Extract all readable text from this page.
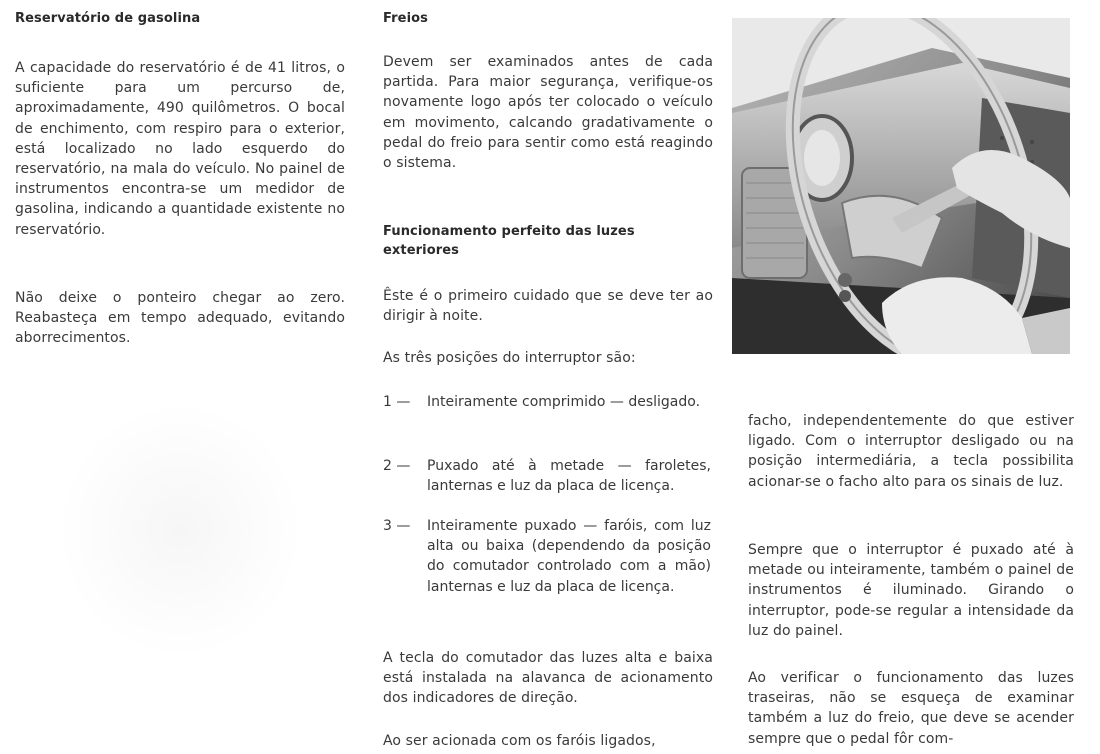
Reservatório de gasolina

A capacidade do reservatório é de 41 litros, o suficiente para um percurso de, aproximadamente, 490 quilômetros. O bocal de enchimento, com respiro para o exterior, está localizado no lado esquerdo do reservatório, na mala do veículo. No painel de instrumentos encontra-se um medidor de gasolina, indicando a quantidade existente no reservatório.

Não deixe o ponteiro chegar ao zero. Reabasteça em tempo adequado, evitando aborrecimentos.

Freios

Devem ser examinados antes de cada partida. Para maior segurança, verifique-os novamente logo após ter colocado o veículo em movimento, calcando gradativamente o pedal do freio para sentir como está reagindo o sistema.

Funcionamento perfeito das luzes exteriores

Êste é o primeiro cuidado que se deve ter ao dirigir à noite.

As três posições do interruptor são:

1 — Inteiramente comprimido — desligado.
2 — Puxado até à metade — faroletes, lanternas e luz da placa de licença.
3 — Inteiramente puxado — faróis, com luz alta ou baixa (dependendo da posição do comutador controlado com a mão) lanternas e luz da placa de licença.

A tecla do comutador das luzes alta e baixa está instalada na alavanca de acionamento dos indicadores de direção.

Ao ser acionada com os faróis ligados,

facho, independentemente do que estiver ligado. Com o interruptor desligado ou na posição intermediária, a tecla possibilita acionar-se o facho alto para os sinais de luz.

Sempre que o interruptor é puxado até à metade ou inteiramente, também o painel de instrumentos é iluminado. Girando o interruptor, pode-se regular a intensidade da luz do painel.

Ao verificar o funcionamento das luzes traseiras, não se esqueça de examinar também a luz do freio, que deve se acender sempre que o pedal fôr com-
